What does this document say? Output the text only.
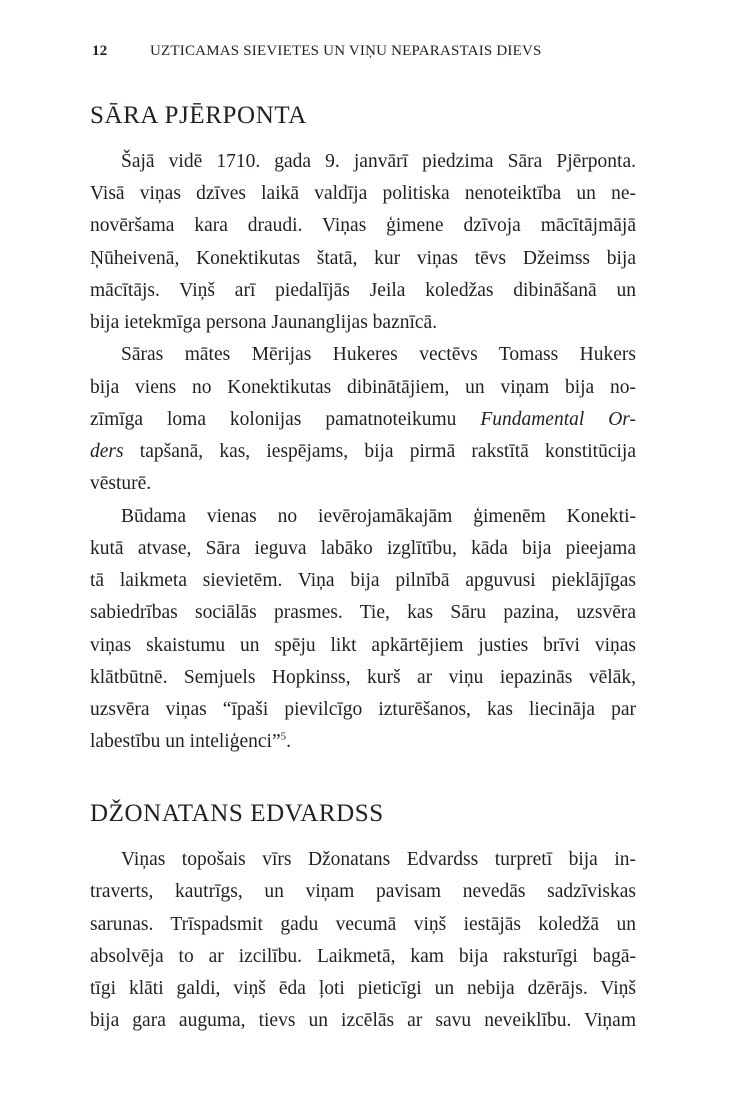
12	UZTICAMAS SIEVIETES UN VIŅU NEPARASTAIS DIEVS
SĀRA PJĒRPONTA
Šajā vidē 1710. gada 9. janvārī piedzima Sāra Pjērponta.
Visā viņas dzīves laikā valdīja politiska nenoteiktība un ne-
novēršama kara draudi. Viņas ģimene dzīvoja mācītājmājā
Ņūheivenā, Konektikutas štatā, kur viņas tēvs Džeimss bija
mācītājs. Viņš arī piedalījās Jeila koledžas dibināšanā un
bija ietekmīga persona Jaunanglijas baznīcā.
Sāras mātes Mērijas Hukeres vectēvs Tomass Hukers
bija viens no Konektikutas dibinātājiem, un viņam bija no-
zīmīga loma kolonijas pamatnoteikumu Fundamental Or-
ders tapšanā, kas, iespējams, bija pirmā rakstītā konstitūcija
vēsturē.
Būdama vienas no ievērojamākajām ģimenēm Konekti-
kutā atvase, Sāra ieguva labāko izglītību, kāda bija pieejama
tā laikmeta sievietēm. Viņa bija pilnībā apguvusi pieklājīgas
sabiedrības sociālās prasmes. Tie, kas Sāru pazina, uzsvēra
viņas skaistumu un spēju likt apkārtējiem justies brīvi viņas
klātbūtnē. Semjuels Hopkinss, kurš ar viņu iepazinās vēlāk,
uzsvēra viņas “īpaši pievilcīgo izturēšanos, kas liecināja par
labestību un inteliģenci”$^5$.
DŽONATANS EDVARDSS
Viņas topošais vīrs Džonatans Edvardss turpretī bija in-
traverts, kautrīgs, un viņam pavisam nevedās sadzīviskas
sarunas. Trīspadsmit gadu vecumā viņš iestājās koledžā un
absolvēja to ar izcilību. Laikmetā, kam bija raksturīgi bagā-
tīgi klāti galdi, viņš ēda ļoti pieticīgi un nebija dzērājs. Viņš
bija gara auguma, tievs un izcēlās ar savu neveiklību. Viņam
